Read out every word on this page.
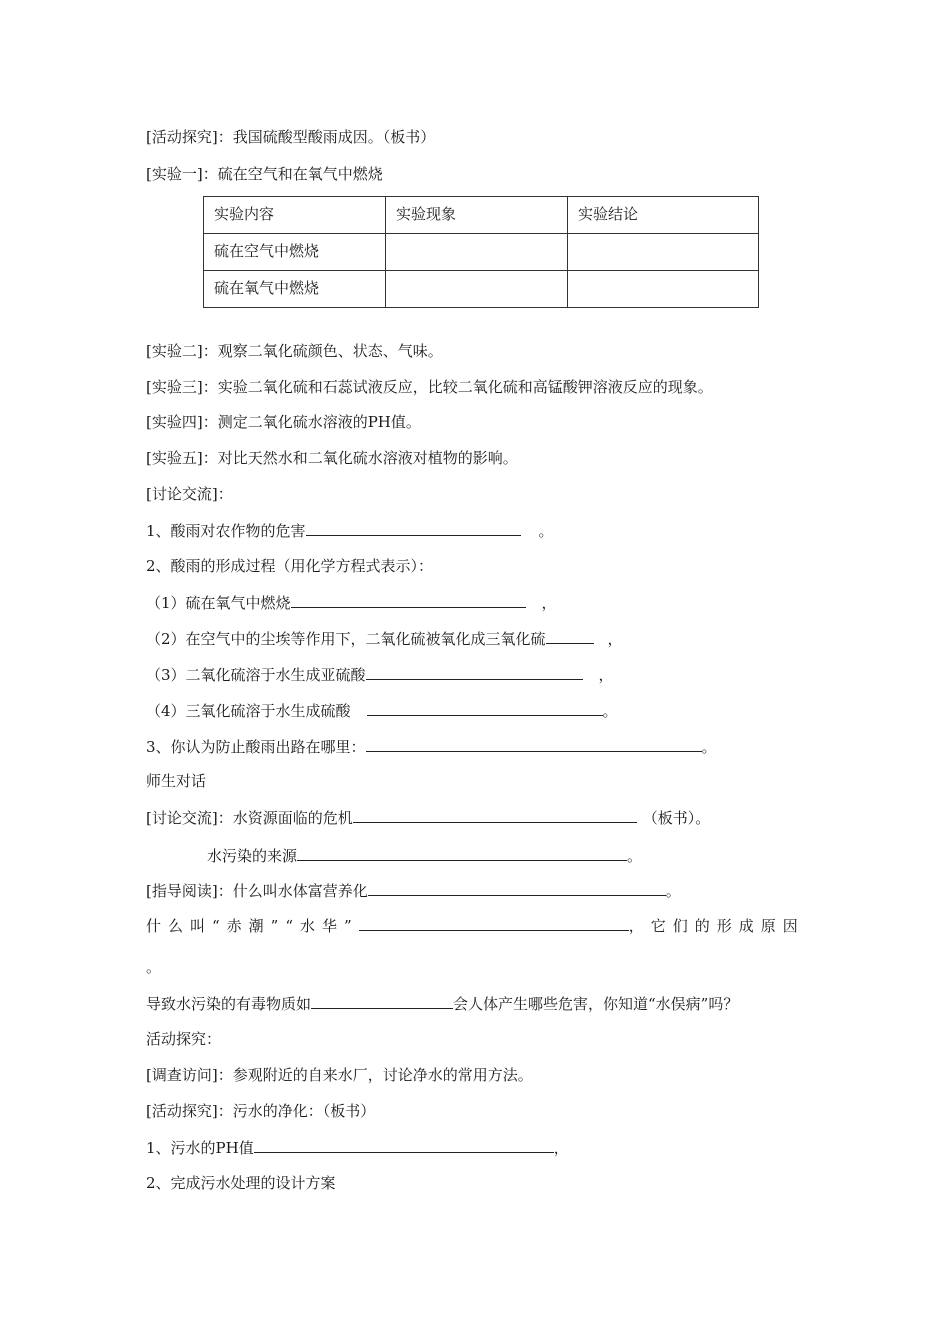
[活动探究]：我国硫酸型酸雨成因。（板书）
[实验一]：硫在空气和在氧气中燃烧
实验内容	实验现象	实验结论
硫在空气中燃烧		
硫在氧气中燃烧		
[实验二]：观察二氧化硫颜色、状态、气味。
[实验三]：实验二氧化硫和石蕊试液反应，比较二氧化硫和高锰酸钾溶液反应的现象。
[实验四]：测定二氧化硫水溶液的PH值。
[实验五]：对比天然水和二氧化硫水溶液对植物的影响。
[讨论交流]：
1、酸雨对农作物的危害	。
2、酸雨的形成过程（用化学方程式表示）：
（1）硫在氧气中燃烧	，
（2）在空气中的尘埃等作用下，二氧化硫被氧化成三氧化硫	，
（3）二氧化硫溶于水生成亚硫酸	，
（4）三氧化硫溶于水生成硫酸	。
3、你认为防止酸雨出路在哪里：	。
师生对话
[讨论交流]：水资源面临的危机	（板书）。
水污染的来源	。
[指导阅读]：什么叫水体富营养化	。
什么叫“赤潮”“水华”	，它们的形成原因
。
导致水污染的有毒物质如	会人体产生哪些危害，你知道“水俣病”吗？
活动探究：
[调查访问]：参观附近的自来水厂，讨论净水的常用方法。
[活动探究]：污水的净化：（板书）
1、污水的PH值	，
2、完成污水处理的设计方案
